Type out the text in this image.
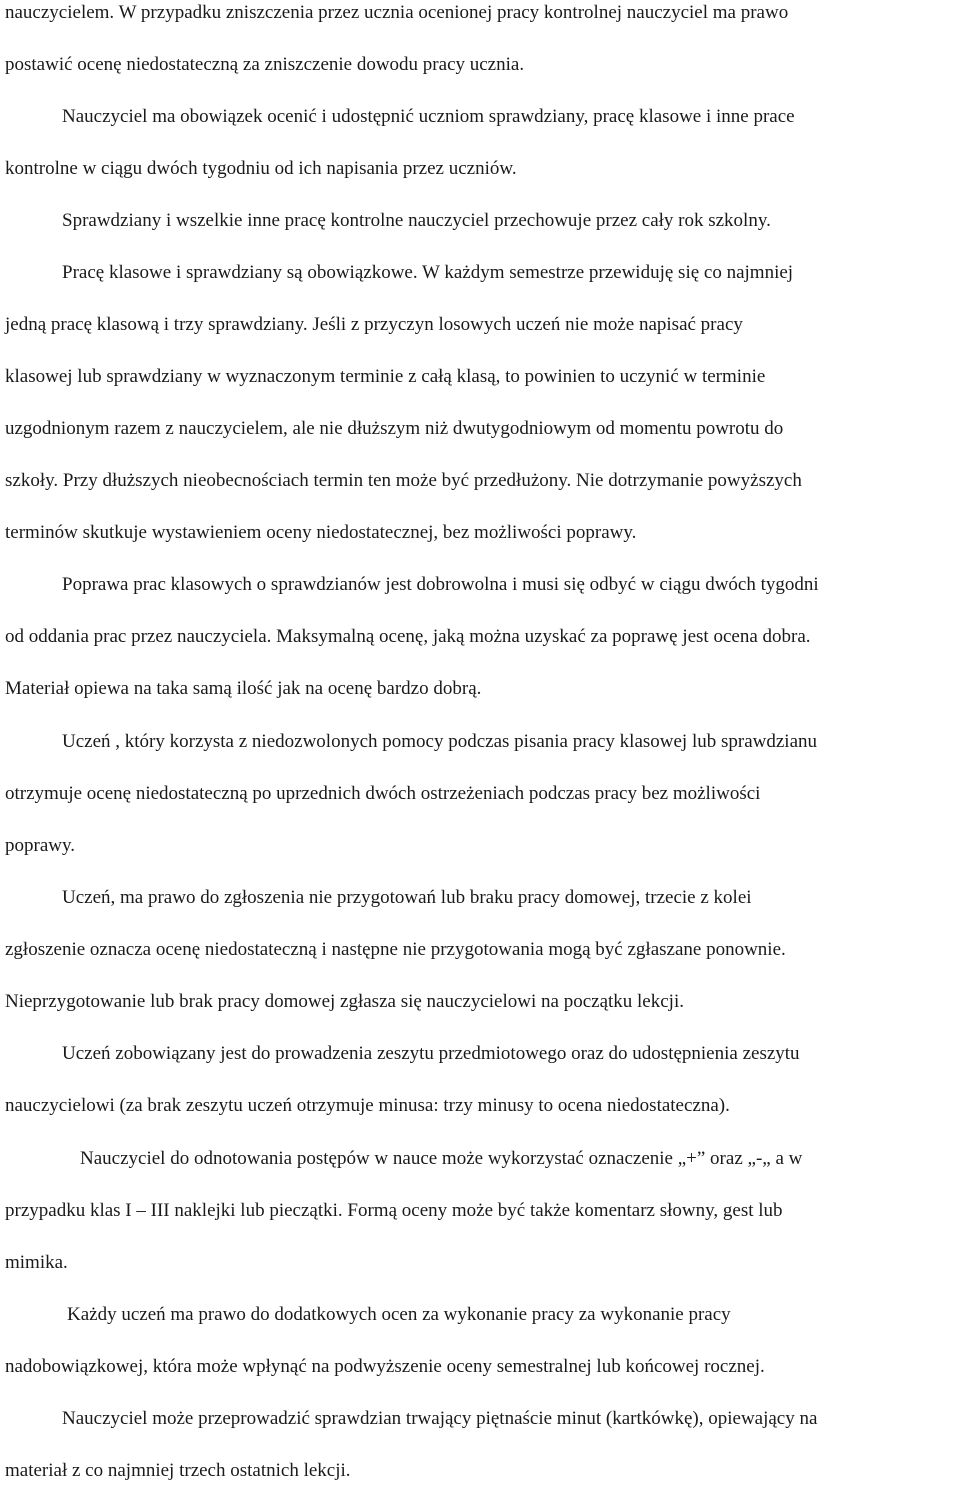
nauczycielem. W przypadku zniszczenia przez ucznia ocenionej pracy kontrolnej nauczyciel ma prawo
postawić ocenę niedostateczną za zniszczenie dowodu pracy ucznia.
Nauczyciel ma obowiązek ocenić i udostępnić uczniom sprawdziany, pracę klasowe i inne prace
kontrolne w ciągu dwóch tygodniu od ich napisania przez uczniów.
Sprawdziany i wszelkie inne pracę kontrolne nauczyciel przechowuje przez cały rok szkolny.
Pracę klasowe i sprawdziany są obowiązkowe. W każdym semestrze przewiduję się co najmniej
jedną pracę klasową i trzy sprawdziany. Jeśli z przyczyn losowych uczeń nie może napisać pracy
klasowej lub sprawdziany w wyznaczonym terminie z całą klasą, to powinien to uczynić w terminie
uzgodnionym razem z nauczycielem, ale nie dłuższym niż dwutygodniowym od momentu powrotu do
szkoły. Przy dłuższych nieobecnościach termin ten może być przedłużony. Nie dotrzymanie powyższych
terminów skutkuje wystawieniem oceny niedostatecznej, bez możliwości poprawy.
Poprawa prac klasowych o sprawdzianów jest dobrowolna i musi się odbyć w ciągu dwóch tygodni
od oddania prac przez nauczyciela. Maksymalną ocenę, jaką można uzyskać za poprawę jest ocena dobra.
Materiał opiewa na taka samą ilość jak na ocenę bardzo dobrą.
Uczeń , który korzysta z niedozwolonych pomocy podczas pisania pracy klasowej lub sprawdzianu
otrzymuje ocenę niedostateczną po uprzednich dwóch ostrzeżeniach podczas pracy bez możliwości
poprawy.
Uczeń, ma prawo do zgłoszenia nie przygotowań lub braku pracy domowej, trzecie z kolei
zgłoszenie oznacza ocenę niedostateczną i następne nie przygotowania mogą być zgłaszane ponownie.
Nieprzygotowanie lub brak pracy domowej zgłasza się nauczycielowi na początku lekcji.
Uczeń zobowiązany jest do prowadzenia zeszytu przedmiotowego oraz do udostępnienia zeszytu
nauczycielowi (za brak zeszytu uczeń otrzymuje minusa: trzy minusy to ocena niedostateczna).
Nauczyciel do odnotowania postępów w nauce może wykorzystać oznaczenie „+” oraz „-„ a w
przypadku klas I – III naklejki lub pieczątki. Formą oceny może być także komentarz słowny, gest lub
mimika.
Każdy uczeń ma prawo do dodatkowych ocen za wykonanie pracy za wykonanie pracy
nadobowiązkowej, która może wpłynąć na podwyższenie oceny semestralnej lub końcowej rocznej.
Nauczyciel może przeprowadzić sprawdzian trwający piętnaście minut (kartkówkę), opiewający na
materiał z co najmniej trzech ostatnich lekcji.
